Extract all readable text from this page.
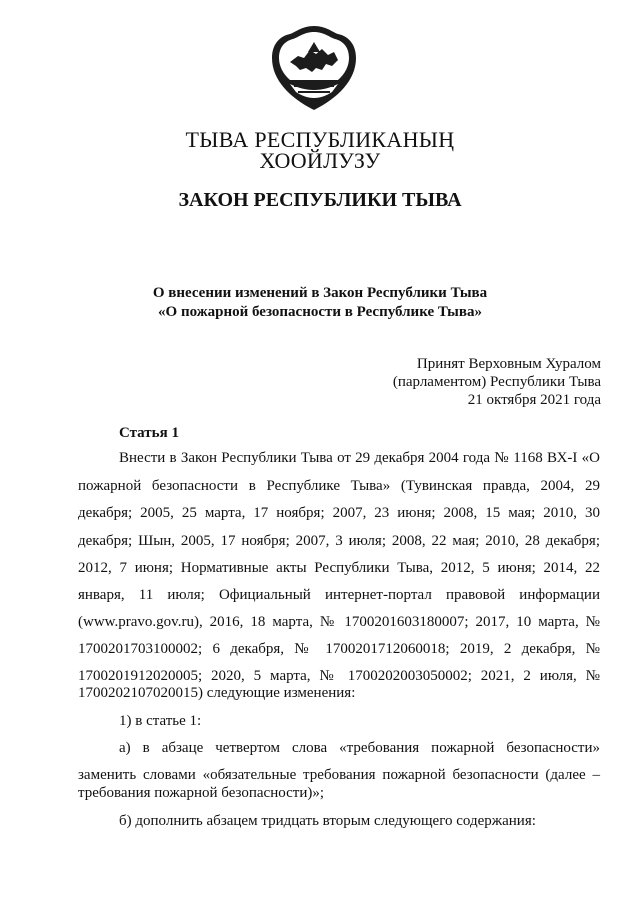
ТЫВА РЕСПУБЛИКАНЫҢ
ХООЙЛУЗУ
ЗАКОН РЕСПУБЛИКИ ТЫВА
О внесении изменений в Закон Республики Тыва
«О пожарной безопасности в Республике Тыва»
Принят Верховным Хуралом
(парламентом) Республики Тыва
21 октября 2021 года
Статья 1
Внести в Закон Республики Тыва от 29 декабря 2004 года № 1168 ВХ-I «О
пожарной безопасности в Республике Тыва» (Тувинская правда, 2004, 29
декабря; 2005, 25 марта, 17 ноября; 2007, 23 июня; 2008, 15 мая; 2010, 30
декабря; Шын, 2005, 17 ноября; 2007, 3 июля; 2008, 22 мая; 2010, 28 декабря;
2012, 7 июня; Нормативные акты Республики Тыва, 2012, 5 июня; 2014, 22
января, 11 июля; Официальный интернет-портал правовой информации
(www.pravo.gov.ru), 2016, 18 марта, № 1700201603180007; 2017, 10 марта, №
1700201703100002; 6 декабря, № 1700201712060018; 2019, 2 декабря, №
1700201912020005; 2020, 5 марта, № 1700202003050002; 2021, 2 июля, №
1700202107020015) следующие изменения:
1) в статье 1:
а) в абзаце четвертом слова «требования пожарной безопасности»
заменить словами «обязательные требования пожарной безопасности (далее –
требования пожарной безопасности)»;
б) дополнить абзацем тридцать вторым следующего содержания:
